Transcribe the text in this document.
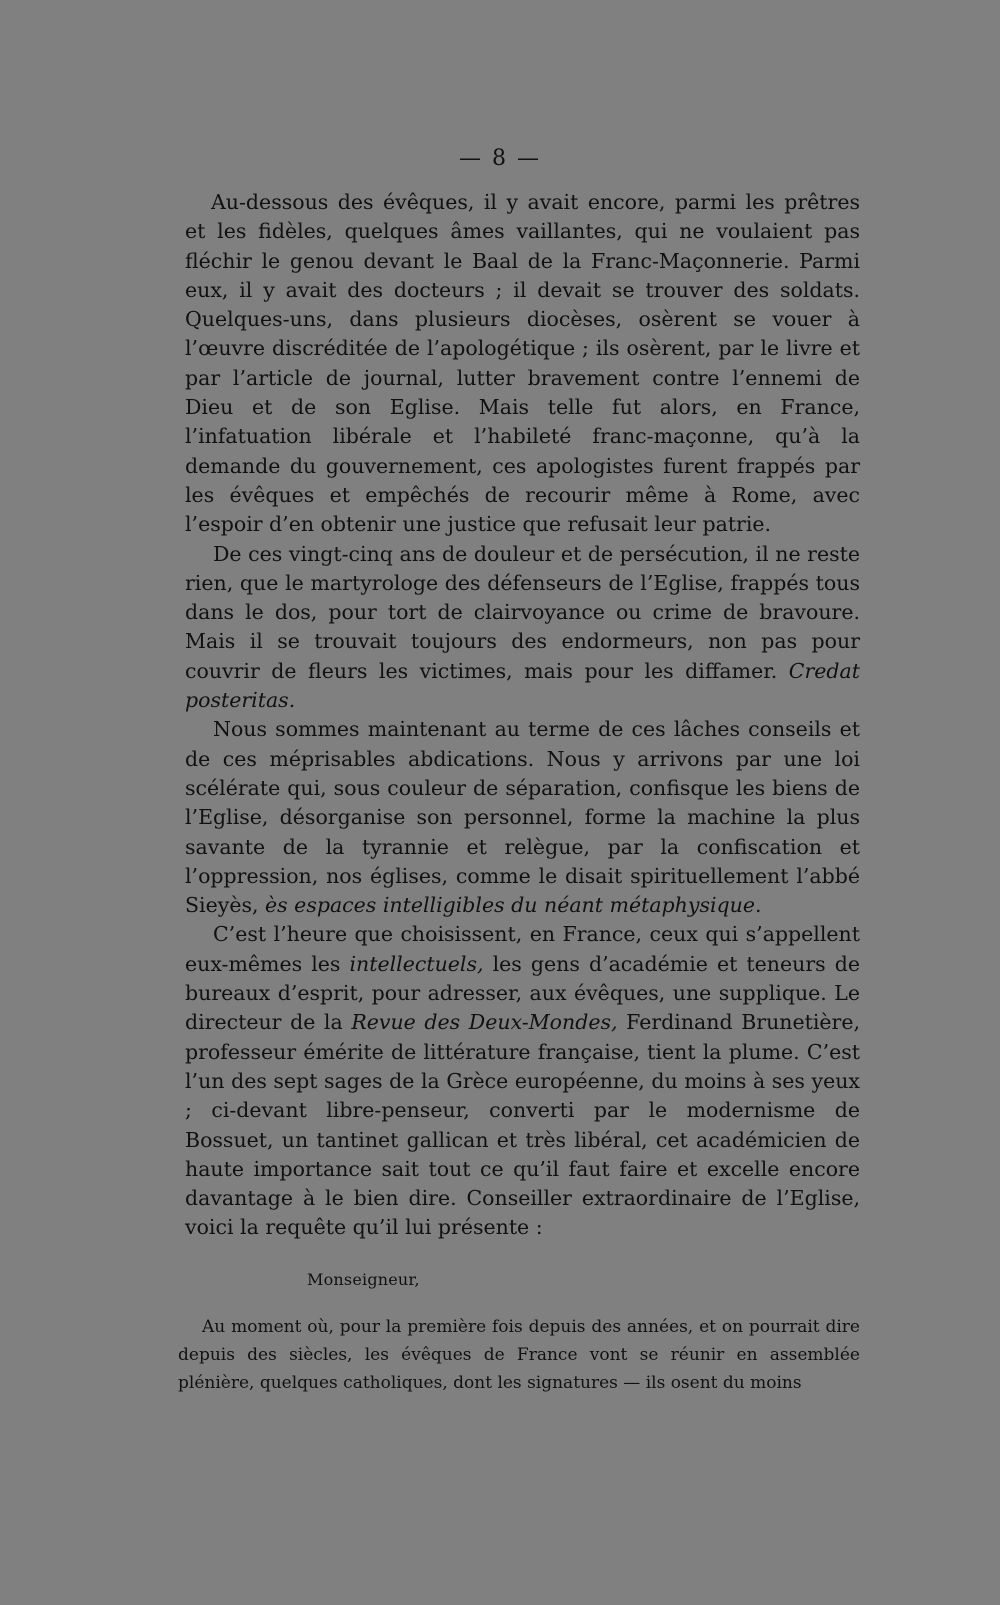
— 8 —

Au-dessous des évêques, il y avait encore, parmi les prêtres et les fidèles, quelques âmes vaillantes, qui ne voulaient pas fléchir le genou devant le Baal de la Franc-Maçonnerie. Parmi eux, il y avait des docteurs ; il devait se trouver des soldats. Quelques-uns, dans plusieurs diocèses, osèrent se vouer à l’œuvre discréditée de l’apologétique ; ils osèrent, par le livre et par l’article de journal, lutter bravement contre l’ennemi de Dieu et de son Eglise. Mais telle fut alors, en France, l’infatuation libérale et l’habileté franc-maçonne, qu’à la demande du gouvernement, ces apologistes furent frappés par les évêques et empêchés de recourir même à Rome, avec l’espoir d’en obtenir une justice que refusait leur patrie.

De ces vingt-cinq ans de douleur et de persécution, il ne reste rien, que le martyrologe des défenseurs de l’Eglise, frappés tous dans le dos, pour tort de clairvoyance ou crime de bravoure. Mais il se trouvait toujours des endormeurs, non pas pour couvrir de fleurs les victimes, mais pour les diffamer. Credat posteritas.

Nous sommes maintenant au terme de ces lâches conseils et de ces méprisables abdications. Nous y arrivons par une loi scélérate qui, sous couleur de séparation, confisque les biens de l’Eglise, désorganise son personnel, forme la machine la plus savante de la tyrannie et relègue, par la confiscation et l’oppression, nos églises, comme le disait spirituellement l’abbé Sieyès, ès espaces intelligibles du néant métaphysique.

C’est l’heure que choisissent, en France, ceux qui s’appellent eux-mêmes les intellectuels, les gens d’académie et teneurs de bureaux d’esprit, pour adresser, aux évêques, une supplique. Le directeur de la Revue des Deux-Mondes, Ferdinand Brunetière, professeur émérite de littérature française, tient la plume. C’est l’un des sept sages de la Grèce européenne, du moins à ses yeux ; ci-devant libre-penseur, converti par le modernisme de Bossuet, un tantinet gallican et très libéral, cet académicien de haute importance sait tout ce qu’il faut faire et excelle encore davantage à le bien dire. Conseiller extraordinaire de l’Eglise, voici la requête qu’il lui présente :

Monseigneur,

Au moment où, pour la première fois depuis des années, et on pourrait dire depuis des siècles, les évêques de France vont se réunir en assemblée plénière, quelques catholiques, dont les signatures — ils osent du moins
